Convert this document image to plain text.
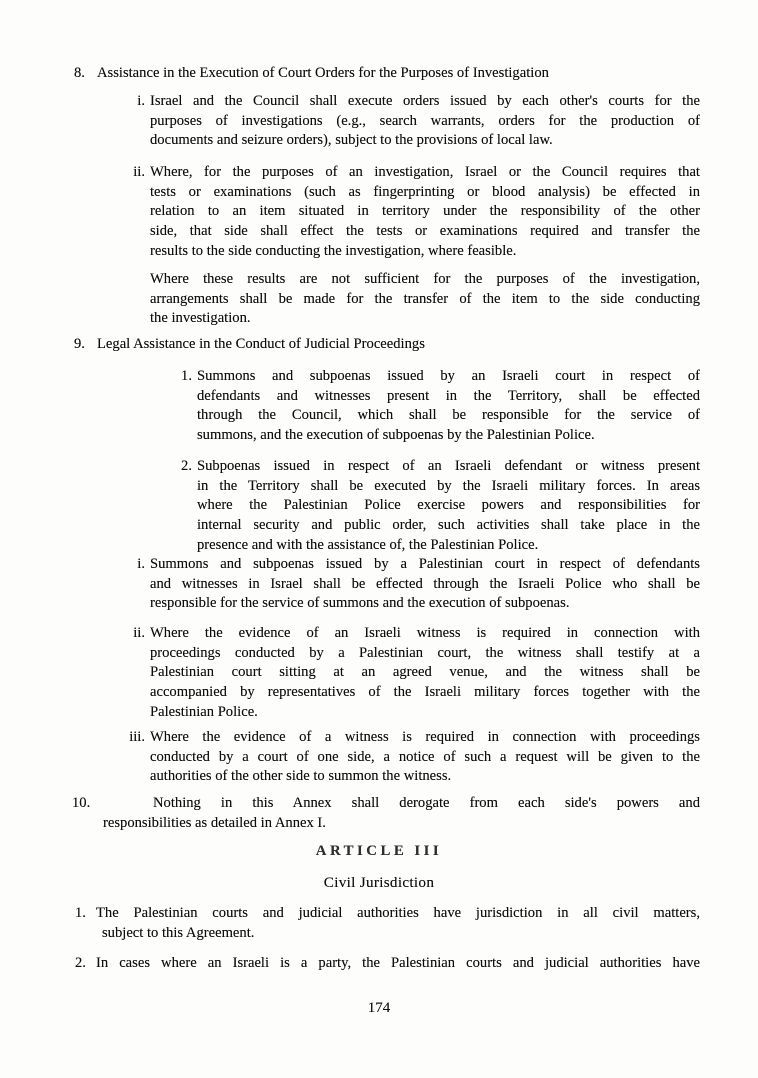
8. Assistance in the Execution of Court Orders for the Purposes of Investigation
i. Israel and the Council shall execute orders issued by each other's courts for the
purposes of investigations (e.g., search warrants, orders for the production of
documents and seizure orders), subject to the provisions of local law.
ii. Where, for the purposes of an investigation, Israel or the Council requires that
tests or examinations (such as fingerprinting or blood analysis) be effected in
relation to an item situated in territory under the responsibility of the other
side, that side shall effect the tests or examinations required and transfer the
results to the side conducting the investigation, where feasible.
Where these results are not sufficient for the purposes of the investigation,
arrangements shall be made for the transfer of the item to the side conducting
the investigation.
9. Legal Assistance in the Conduct of Judicial Proceedings
1. Summons and subpoenas issued by an Israeli court in respect of
defendants and witnesses present in the Territory, shall be effected
through the Council, which shall be responsible for the service of
summons, and the execution of subpoenas by the Palestinian Police.
2. Subpoenas issued in respect of an Israeli defendant or witness present
in the Territory shall be executed by the Israeli military forces. In areas
where the Palestinian Police exercise powers and responsibilities for
internal security and public order, such activities shall take place in the
presence and with the assistance of, the Palestinian Police.
i. Summons and subpoenas issued by a Palestinian court in respect of defendants
and witnesses in Israel shall be effected through the Israeli Police who shall be
responsible for the service of summons and the execution of subpoenas.
ii. Where the evidence of an Israeli witness is required in connection with
proceedings conducted by a Palestinian court, the witness shall testify at a
Palestinian court sitting at an agreed venue, and the witness shall be
accompanied by representatives of the Israeli military forces together with the
Palestinian Police.
iii. Where the evidence of a witness is required in connection with proceedings
conducted by a court of one side, a notice of such a request will be given to the
authorities of the other side to summon the witness.
10.	Nothing in this Annex shall derogate from each side's powers and
responsibilities as detailed in Annex I.
ARTICLE III
Civil Jurisdiction
1. The Palestinian courts and judicial authorities have jurisdiction in all civil matters,
subject to this Agreement.
2. In cases where an Israeli is a party, the Palestinian courts and judicial authorities have
174
